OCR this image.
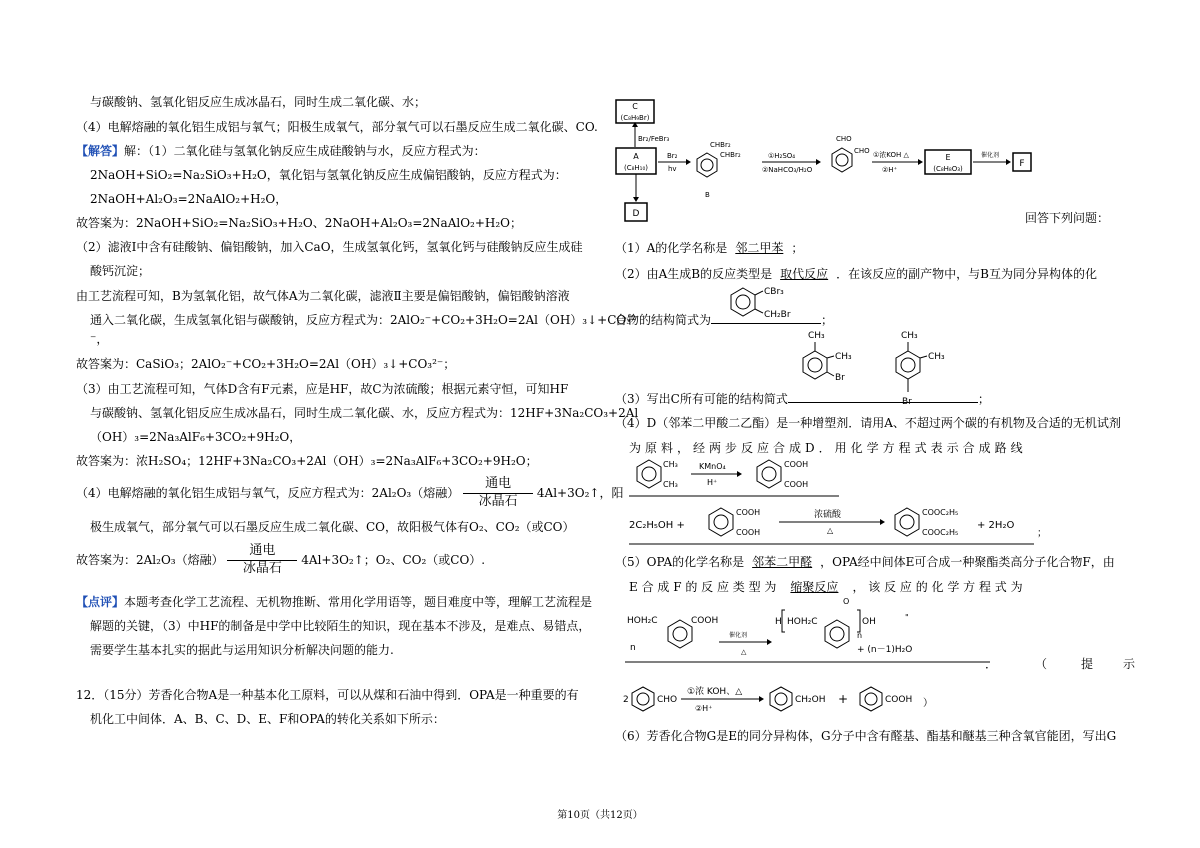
与碳酸钠、氢氧化铝反应生成冰晶石，同时生成二氧化碳、水；
（4）电解熔融的氧化铝生成铝与氧气；阳极生成氧气，部分氧气可以石墨反应生成二氧化碳、CO.
【解答】解：（1）二氧化硅与氢氧化钠反应生成硅酸钠与水，反应方程式为：
2NaOH+SiO₂=Na₂SiO₃+H₂O，氧化铝与氢氧化钠反应生成偏铝酸钠，反应方程式为：
2NaOH+Al₂O₃=2NaAlO₂+H₂O，
故答案为：2NaOH+SiO₂=Na₂SiO₃+H₂O、2NaOH+Al₂O₃=2NaAlO₂+H₂O；
（2）滤液Ⅰ中含有硅酸钠、偏铝酸钠，加入CaO，生成氢氧化钙，氢氧化钙与硅酸钠反应生成硅
酸钙沉淀；
由工艺流程可知，B为氢氧化铝，故气体A为二氧化碳，滤液Ⅱ主要是偏铝酸钠，偏铝酸钠溶液
通入二氧化碳，生成氢氧化铝与碳酸钠，反应方程式为：2AlO₂⁻+CO₂+3H₂O=2Al（OH）₃↓+CO₃²
⁻，
故答案为：CaSiO₃；2AlO₂⁻+CO₂+3H₂O=2Al（OH）₃↓+CO₃²⁻；
（3）由工艺流程可知，气体D含有F元素，应是HF，故C为浓硫酸；根据元素守恒，可知HF
与碳酸钠、氢氧化铝反应生成冰晶石，同时生成二氧化碳、水，反应方程式为：12HF+3Na₂CO₃+2Al
（OH）₃=2Na₃AlF₆+3CO₂+9H₂O，
故答案为：浓H₂SO₄；12HF+3Na₂CO₃+2Al（OH）₃=2Na₃AlF₆+3CO₂+9H₂O；
（4）电解熔融的氧化铝生成铝与氧气，反应方程式为：2Al₂O₃（熔融）
通电
冰晶石
4Al+3O₂↑，阳
极生成氧气，部分氧气可以石墨反应生成二氧化碳、CO，故阳极气体有O₂、CO₂（或CO）
故答案为：2Al₂O₃（熔融）
通电
冰晶石
4Al+3O₂↑；O₂、CO₂（或CO）.
【点评】本题考查化学工艺流程、无机物推断、常用化学用语等，题目难度中等，理解工艺流程是
解题的关键，（3）中HF的制备是中学中比较陌生的知识，现在基本不涉及，是难点、易错点，
需要学生基本扎实的据此与运用知识分析解决问题的能力.
12．（15分）芳香化合物A是一种基本化工原料，可以从煤和石油中得到．OPA是一种重要的有
机化工中间体．A、B、C、D、E、F和OPA的转化关系如下所示：
C
(C₈H₉Br)
Br₂/FeBr₃
A
(C₈H₁₀)
D
Br₂
hv
CHBr₂
CHBr₂
B
①H₂SO₄
②NaHCO₃/H₂O
CHO
CHO ①浓KOH △
②H⁺
E
(C₈H₈O₃)
催化剂
F
回答下列问题：
（1）A的化学名称是 邻二甲苯 ；
（2）由A生成B的反应类型是 取代反应 ．在该反应的副产物中，与B互为同分异构体的化
合物的结构简式为	；
CBr₃
CH₂Br
CH₃
CH₃
Br
CH₃
CH₃
Br
（3）写出C所有可能的结构简式	；
（4）D（邻苯二甲酸二乙酯）是一种增塑剂．请用A、不超过两个碳的有机物及合适的无机试剂
为原料，经两步反应合成D．用化学方程式表示合成路线
CH₃
CH₃
KMnO₄
H⁺
COOH
COOH
2C₂H₅OH +
COOH
COOH
浓硫酸
△
COOC₂H₅
COOC₂H₅
+ 2H₂O
；
（5）OPA的化学名称是 邻苯二甲醛 ，OPA经中间体E可合成一种聚酯类高分子化合物F，由
E 合 成 F 的 反 应 类 型 为 缩聚反应 ， 该 反 应 的 化 学 方 程 式 为
HOH₂C	COOH
n
催化剂
△
H HOH₂C
O
OH
n
"
+ (n－1)H₂O
．	（	提 示
2	CHO
①浓 KOH、△
②H⁺
CH₂OH +	COOH ）
（6）芳香化合物G是E的同分异构体，G分子中含有醛基、酯基和醚基三种含氧官能团，写出G
第10页（共12页）
